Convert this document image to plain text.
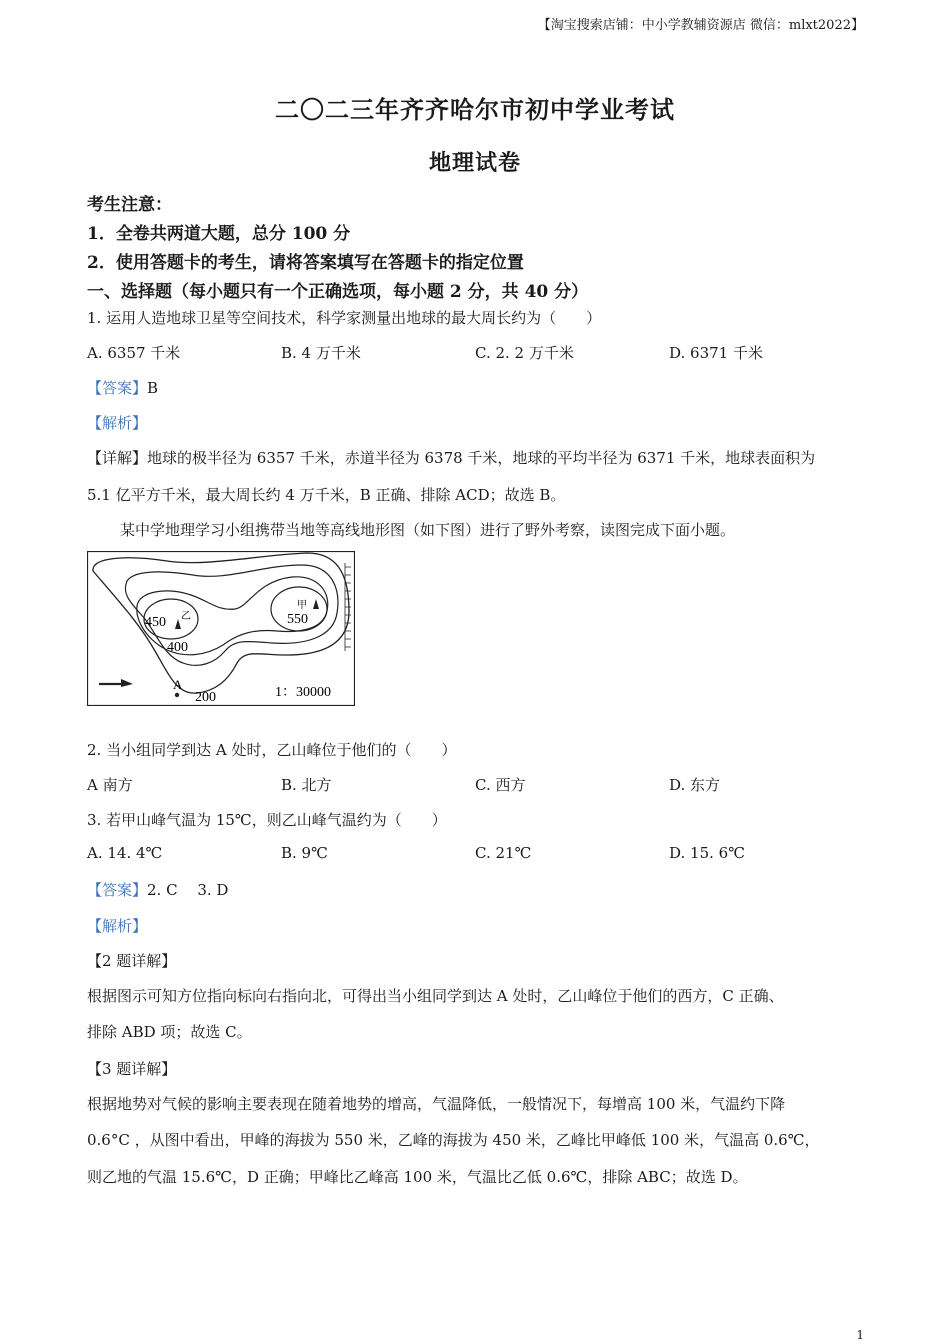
【淘宝搜索店铺：中小学教辅资源店 微信：mlxt2022】
二〇二三年齐齐哈尔市初中学业考试
地理试卷
考生注意：
1．全卷共两道大题，总分 100 分
2．使用答题卡的考生，请将答案填写在答题卡的指定位置
一、选择题（每小题只有一个正确选项，每小题 2 分，共 40 分）
1. 运用人造地球卫星等空间技术，科学家测量出地球的最大周长约为（　　）
A. 6357 千米	B. 4 万千米	C. 2. 2 万千米	D. 6371 千米
【答案】B
【解析】
【详解】地球的极半径为 6357 千米，赤道半径为 6378 千米，地球的平均半径为 6371 千米，地球表面积为
5.1 亿平方千米，最大周长约 4 万千米，B 正确、排除 ACD；故选 B。
某中学地理学习小组携带当地等高线地形图（如下图）进行了野外考察，读图完成下面小题。
450 乙
400
甲
550
A
200	1：30000
2. 当小组同学到达 A 处时，乙山峰位于他们的（　　）
A 南方	B. 北方	C. 西方	D. 东方
3. 若甲山峰气温为 15℃，则乙山峰气温约为（　　）
A. 14. 4℃	B. 9℃	C. 21℃	D. 15. 6℃
【答案】2. C　 3. D
【解析】
【2 题详解】
根据图示可知方位指向标向右指向北，可得出当小组同学到达 A 处时，乙山峰位于他们的西方，C 正确、
排除 ABD 项；故选 C。
【3 题详解】
根据地势对气候的影响主要表现在随着地势的增高，气温降低，一般情况下，每增高 100 米，气温约下降
0.6°C ，从图中看出，甲峰的海拔为 550 米，乙峰的海拔为 450 米，乙峰比甲峰低 100 米，气温高 0.6℃，
则乙地的气温 15.6℃，D 正确；甲峰比乙峰高 100 米，气温比乙低 0.6℃，排除 ABC；故选 D。
1
